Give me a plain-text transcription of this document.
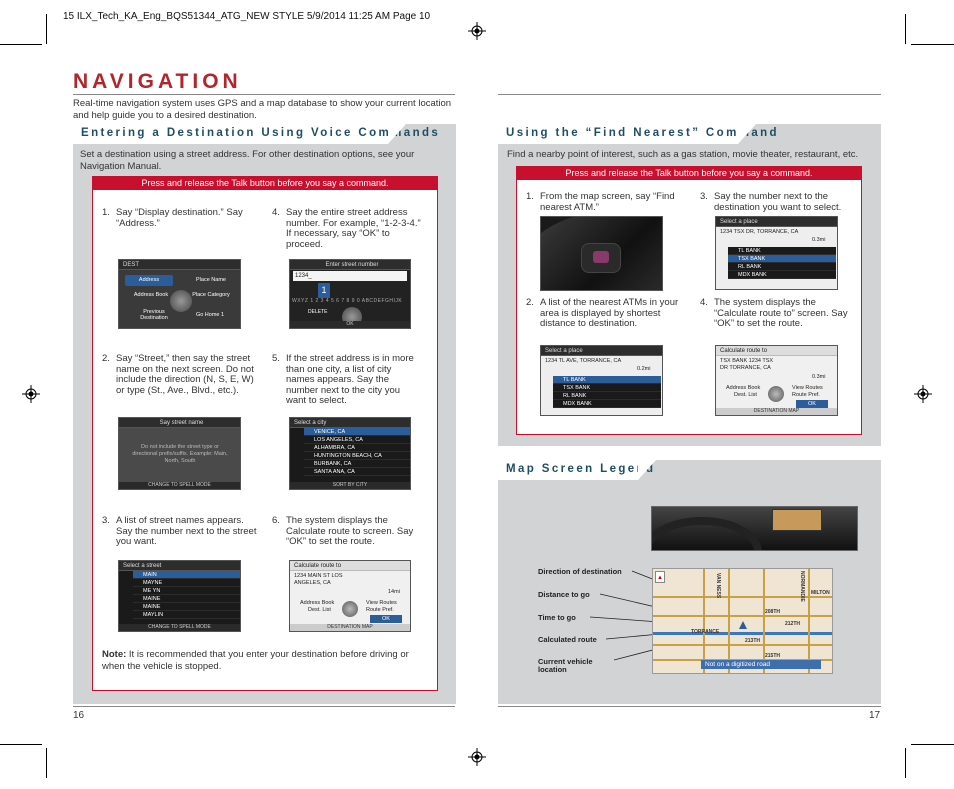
15 ILX_Tech_KA_Eng_BQS51344_ATG_NEW STYLE 5/9/2014 11:25 AM Page 10
NAVIGATION
Real-time navigation system uses GPS and a map database to show your current location and help guide you to a desired destination.
Entering a Destination Using Voice Commands
Set a destination using a street address. For other destination options, see your Navigation Manual.
Press and release the Talk button before you say a command.
1. Say “Display destination.” Say “Address.”
4. Say the entire street address number. For example, “1-2-3-4.” If necessary, say “OK” to proceed.
2. Say “Street,” then say the street name on the next screen. Do not include the direction (N, S, E, W) or type (St., Ave., Blvd., etc.).
5. If the street address is in more than one city, a list of city names appears. Say the number next to the city you want to select.
3. A list of street names appears. Say the number next to the street you want.
6. The system displays the Calculate route to screen. Say “OK” to set the route.
DEST
Address	Place Name
Address Book	Place Category
Previous Destination	Go Home 1
Enter street number
1234_
1
WXYZ 1 2 3 4 5 6 7 8 9 0 ABCDEFGHIJK
DELETE
OK
Say street name
Do not include the street type or directional prefix/suffix. Example: Main, North, South
CHANGE TO SPELL MODE
Select a city
VENICE, CA
LOS ANGELES, CA
ALHAMBRA, CA
HUNTINGTON BEACH, CA
BURBANK, CA
SANTA ANA, CA
SORT BY CITY
Select a street
MAIN
MAYNE
ME YN
MAINE
MAINE
MAYLIN
CHANGE TO SPELL MODE
Calculate route to
1234 MAIN ST LOS ANGELES, CA
14mi
Address Book	View Routes
Dest. List	Route Pref.
OK
DESTINATION MAP
Note: It is recommended that you enter your destination before driving or when the vehicle is stopped.
16
Using the “Find Nearest” Command
Find a nearby point of interest, such as a gas station, movie theater, restaurant, etc.
Press and release the Talk button before you say a command.
1. From the map screen, say “Find nearest ATM.”
3. Say the number next to the destination you want to select.
2. A list of the nearest ATMs in your area is displayed by shortest distance to destination.
4. The system displays the “Calculate route to” screen. Say “OK” to set the route.
Select a place
1234 TSX DR, TORRANCE, CA
0.3mi
TL BANK
TSX BANK
RL BANK
MDX BANK
Select a place
1234 TL AVE, TORRANCE, CA
0.2mi
TL BANK
TSX BANK
RL BANK
MDX BANK
Calculate route to
TSX BANK 1234 TSX DR TORRANCE, CA
0.3mi
Address Book	View Routes
Dest. List	Route Pref.
OK
DESTINATION MAP
Map Screen Legend
Direction of destination
Distance to go
Time to go
Calculated route
Current vehicle location
MILTON
208TH
TORRANCE
212TH
213TH
215TH
VAN NESS	NORMANDIE
▲
Not on a digitized road
17
